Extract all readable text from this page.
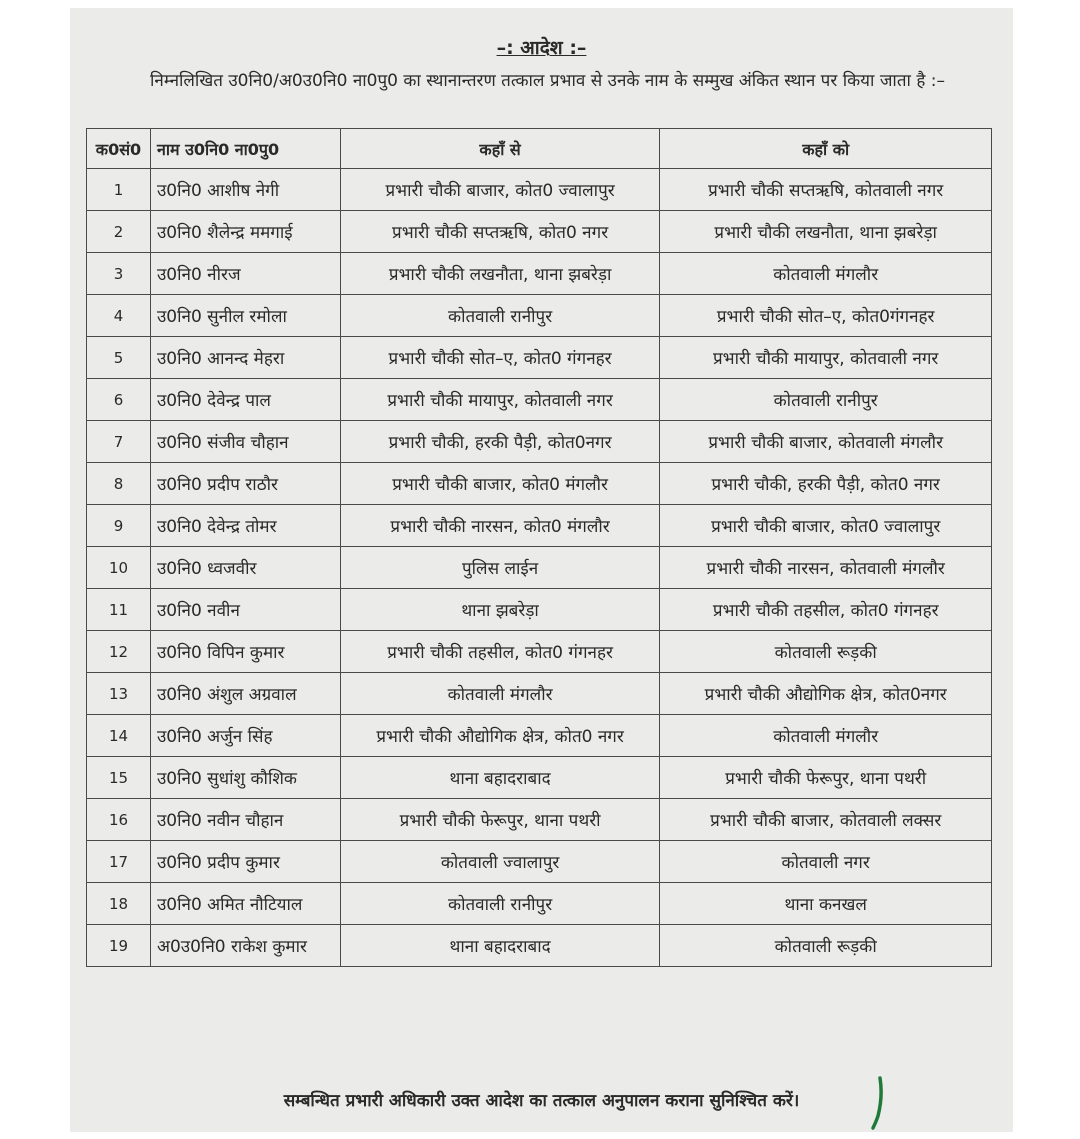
–: आदेश :–
निम्नलिखित उ0नि0/अ0उ0नि0 ना0पु0 का स्थानान्तरण तत्काल प्रभाव से उनके नाम के सम्मुख अंकित स्थान पर किया जाता है :–
क0सं0	नाम उ0नि0 ना0पु0	कहाँ से	कहाँ को
1	उ0नि0 आशीष नेगी	प्रभारी चौकी बाजार, कोत0 ज्वालापुर	प्रभारी चौकी सप्तऋषि, कोतवाली नगर
2	उ0नि0 शैलेन्द्र ममगाई	प्रभारी चौकी सप्तऋषि, कोत0 नगर	प्रभारी चौकी लखनौता, थाना झबरेड़ा
3	उ0नि0 नीरज	प्रभारी चौकी लखनौता, थाना झबरेड़ा	कोतवाली मंगलौर
4	उ0नि0 सुनील रमोला	कोतवाली रानीपुर	प्रभारी चौकी सोत–ए, कोत0गंगनहर
5	उ0नि0 आनन्द मेहरा	प्रभारी चौकी सोत–ए, कोत0 गंगनहर	प्रभारी चौकी मायापुर, कोतवाली नगर
6	उ0नि0 देवेन्द्र पाल	प्रभारी चौकी मायापुर, कोतवाली नगर	कोतवाली रानीपुर
7	उ0नि0 संजीव चौहान	प्रभारी चौकी, हरकी पैड़ी, कोत0नगर	प्रभारी चौकी बाजार, कोतवाली मंगलौर
8	उ0नि0 प्रदीप राठौर	प्रभारी चौकी बाजार, कोत0 मंगलौर	प्रभारी चौकी, हरकी पैड़ी, कोत0 नगर
9	उ0नि0 देवेन्द्र तोमर	प्रभारी चौकी नारसन, कोत0 मंगलौर	प्रभारी चौकी बाजार, कोत0 ज्वालापुर
10	उ0नि0 ध्वजवीर	पुलिस लाईन	प्रभारी चौकी नारसन, कोतवाली मंगलौर
11	उ0नि0 नवीन	थाना झबरेड़ा	प्रभारी चौकी तहसील, कोत0 गंगनहर
12	उ0नि0 विपिन कुमार	प्रभारी चौकी तहसील, कोत0 गंगनहर	कोतवाली रूड़की
13	उ0नि0 अंशुल अग्रवाल	कोतवाली मंगलौर	प्रभारी चौकी औद्योगिक क्षेत्र, कोत0नगर
14	उ0नि0 अर्जुन सिंह	प्रभारी चौकी औद्योगिक क्षेत्र, कोत0 नगर	कोतवाली मंगलौर
15	उ0नि0 सुधांशु कौशिक	थाना बहादराबाद	प्रभारी चौकी फेरूपुर, थाना पथरी
16	उ0नि0 नवीन चौहान	प्रभारी चौकी फेरूपुर, थाना पथरी	प्रभारी चौकी बाजार, कोतवाली लक्सर
17	उ0नि0 प्रदीप कुमार	कोतवाली ज्वालापुर	कोतवाली नगर
18	उ0नि0 अमित नौटियाल	कोतवाली रानीपुर	थाना कनखल
19	अ0उ0नि0 राकेश कुमार	थाना बहादराबाद	कोतवाली रूड़की
सम्बन्धित प्रभारी अधिकारी उक्त आदेश का तत्काल अनुपालन कराना सुनिश्चित करें।
